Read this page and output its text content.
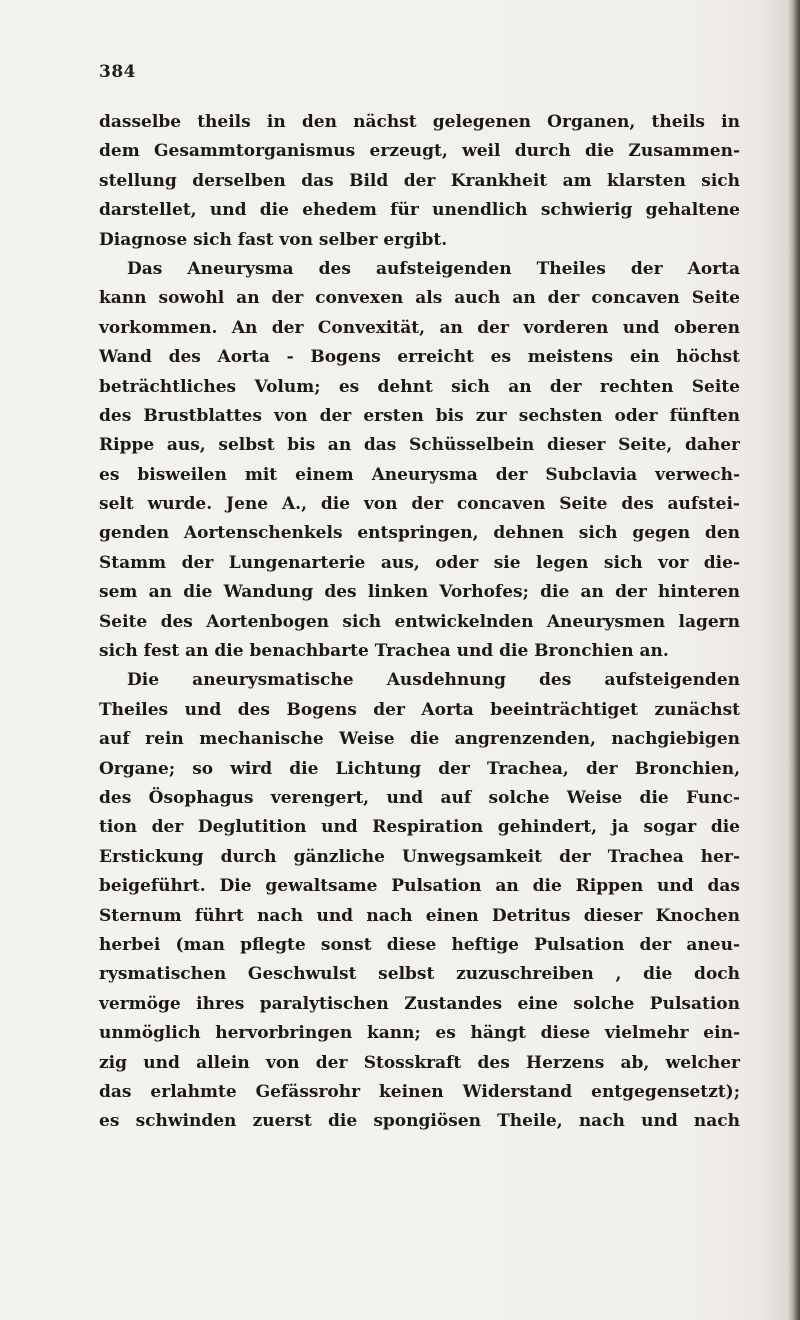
384
dasselbe theils in den nächst gelegenen Organen, theils in
dem Gesammtorganismus erzeugt, weil durch die Zusammen-
stellung derselben das Bild der Krankheit am klarsten sich
darstellet, und die ehedem für unendlich schwierig gehaltene
Diagnose sich fast von selber ergibt.
Das Aneurysma des aufsteigenden Theiles der Aorta
kann sowohl an der convexen als auch an der concaven Seite
vorkommen. An der Convexität, an der vorderen und oberen
Wand des Aorta - Bogens erreicht es meistens ein höchst
beträchtliches Volum; es dehnt sich an der rechten Seite
des Brustblattes von der ersten bis zur sechsten oder fünften
Rippe aus, selbst bis an das Schüsselbein dieser Seite, daher
es bisweilen mit einem Aneurysma der Subclavia verwech-
selt wurde. Jene A., die von der concaven Seite des aufstei-
genden Aortenschenkels entspringen, dehnen sich gegen den
Stamm der Lungenarterie aus, oder sie legen sich vor die-
sem an die Wandung des linken Vorhofes; die an der hinteren
Seite des Aortenbogen sich entwickelnden Aneurysmen lagern
sich fest an die benachbarte Trachea und die Bronchien an.
Die aneurysmatische Ausdehnung des aufsteigenden
Theiles und des Bogens der Aorta beeinträchtiget zunächst
auf rein mechanische Weise die angrenzenden, nachgiebigen
Organe; so wird die Lichtung der Trachea, der Bronchien,
des Ösophagus verengert, und auf solche Weise die Func-
tion der Deglutition und Respiration gehindert, ja sogar die
Erstickung durch gänzliche Unwegsamkeit der Trachea her-
beigeführt. Die gewaltsame Pulsation an die Rippen und das
Sternum führt nach und nach einen Detritus dieser Knochen
herbei (man pflegte sonst diese heftige Pulsation der aneu-
rysmatischen Geschwulst selbst zuzuschreiben , die doch
vermöge ihres paralytischen Zustandes eine solche Pulsation
unmöglich hervorbringen kann; es hängt diese vielmehr ein-
zig und allein von der Stosskraft des Herzens ab, welcher
das erlahmte Gefässrohr keinen Widerstand entgegensetzt);
es schwinden zuerst die spongiösen Theile, nach und nach
